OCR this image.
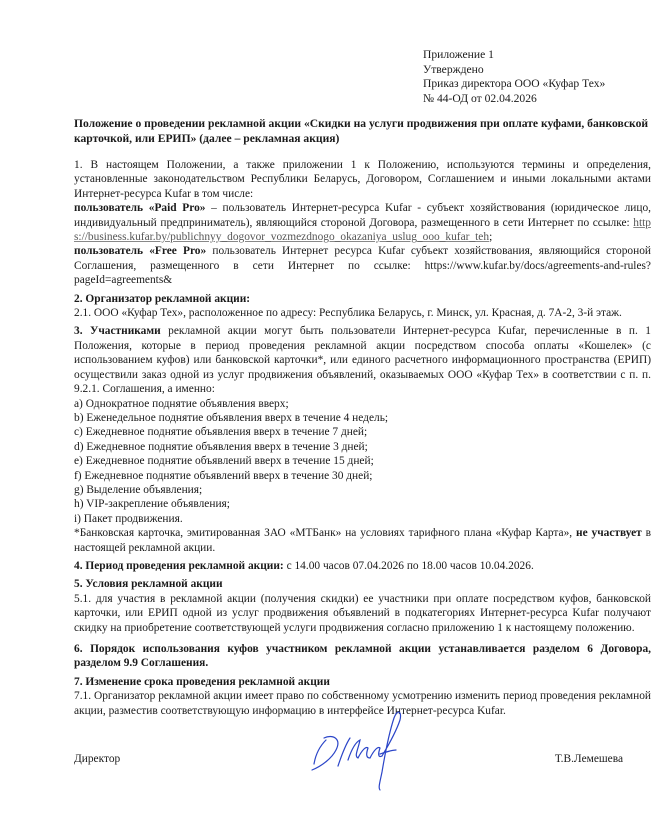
Приложение 1
Утверждено
Приказ директора ООО «Куфар Тех»
№ 44-ОД от 02.04.2026
Положение о проведении рекламной акции «Скидки на услуги продвижения при оплате куфами, банковской карточкой, или ЕРИП» (далее – рекламная акция)

1. В настоящем Положении, а также приложении 1 к Положению, используются термины и определения, установленные законодательством Республики Беларусь, Договором, Соглашением и иными локальными актами Интернет-ресурса Kufar в том числе:

пользователь «Paid Pro» – пользователь Интернет-ресурса Kufar - субъект хозяйствования (юридическое лицо, индивидуальный предприниматель), являющийся стороной Договора, размещенного в сети Интернет по ссылке: https://business.kufar.by/publichnyy_dogovor_vozmezdnogo_okazaniya_uslug_ooo_kufar_teh;

пользователь «Free Pro» пользователь Интернет ресурса Kufar субъект хозяйствования, являющийся стороной Соглашения, размещенного в сети Интернет по ссылке: https://www.kufar.by/docs/agreements-and-rules?pageId=agreements&

2. Организатор рекламной акции:

2.1. ООО «Куфар Тех», расположенное по адресу: Республика Беларусь, г. Минск, ул. Красная, д. 7А-2, 3-й этаж.

3. Участниками рекламной акции могут быть пользователи Интернет-ресурса Kufar, перечисленные в п. 1 Положения, которые в период проведения рекламной акции посредством способа оплаты «Кошелек» (с использованием куфов) или банковской карточки*, или единого расчетного информационного пространства (ЕРИП) осуществили заказ одной из услуг продвижения объявлений, оказываемых ООО «Куфар Тех» в соответствии с п. п. 9.2.1. Соглашения, а именно:

a) Однократное поднятие объявления вверх;

b) Еженедельное поднятие объявления вверх в течение 4 недель;

c) Ежедневное поднятие объявления вверх в течение 7 дней;

d) Ежедневное поднятие объявления вверх в течение 3 дней;

e) Ежедневное поднятие объявлений вверх в течение 15 дней;

f) Ежедневное поднятие объявлений вверх в течение 30 дней;

g) Выделение объявления;

h) VIP-закрепление объявления;

i) Пакет продвижения.

*Банковская карточка, эмитированная ЗАО «МТБанк» на условиях тарифного плана «Куфар Карта», не участвует в настоящей рекламной акции.

4. Период проведения рекламной акции: с 14.00 часов 07.04.2026 по 18.00 часов 10.04.2026.

5. Условия рекламной акции

5.1. для участия в рекламной акции (получения скидки) ее участники при оплате посредством куфов, банковской карточки, или ЕРИП одной из услуг продвижения объявлений в подкатегориях Интернет-ресурса Kufar получают скидку на приобретение соответствующей услуги продвижения согласно приложению 1 к настоящему положению.

6. Порядок использования куфов участником рекламной акции устанавливается разделом 6 Договора, разделом 9.9 Соглашения.

7. Изменение срока проведения рекламной акции

7.1. Организатор рекламной акции имеет право по собственному усмотрению изменить период проведения рекламной акции, разместив соответствующую информацию в интерфейсе Интернет-ресурса Kufar.

Директор	Т.В.Лемешева
